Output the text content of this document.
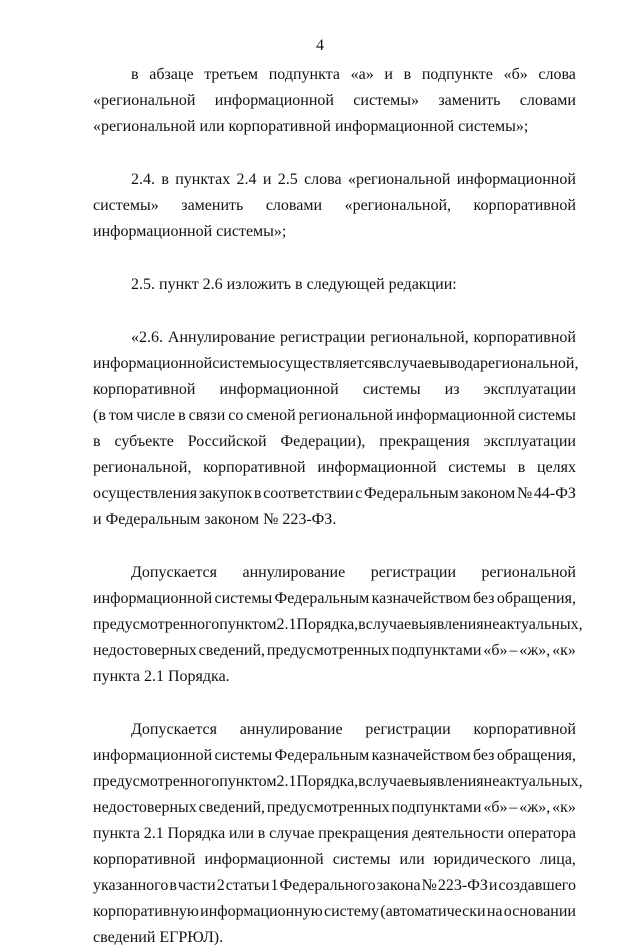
4
в абзаце третьем подпункта «а» и в подпункте «б» слова
«региональной информационной системы» заменить словами
«региональной или корпоративной информационной системы»;
2.4. в пунктах 2.4 и 2.5 слова «региональной информационной
системы» заменить словами «региональной, корпоративной
информационной системы»;
2.5. пункт 2.6 изложить в следующей редакции:
«2.6. Аннулирование регистрации региональной, корпоративной
информационной системы осуществляется в случае вывода региональной,
корпоративной информационной системы из эксплуатации
(в том числе в связи со сменой региональной информационной системы
в субъекте Российской Федерации), прекращения эксплуатации
региональной, корпоративной информационной системы в целях
осуществления закупок в соответствии с Федеральным законом № 44-ФЗ
и Федеральным законом № 223-ФЗ.
Допускается аннулирование регистрации региональной
информационной системы Федеральным казначейством без обращения,
предусмотренного пунктом 2.1 Порядка, в случае выявления неактуальных,
недостоверных сведений, предусмотренных подпунктами «б» – «ж», «к»
пункта 2.1 Порядка.
Допускается аннулирование регистрации корпоративной
информационной системы Федеральным казначейством без обращения,
предусмотренного пунктом 2.1 Порядка, в случае выявления неактуальных,
недостоверных сведений, предусмотренных подпунктами «б» – «ж», «к»
пункта 2.1 Порядка или в случае прекращения деятельности оператора
корпоративной информационной системы или юридического лица,
указанного в части 2 статьи 1 Федерального закона № 223-ФЗ и создавшего
корпоративную информационную систему (автоматически на основании
сведений ЕГРЮЛ).
